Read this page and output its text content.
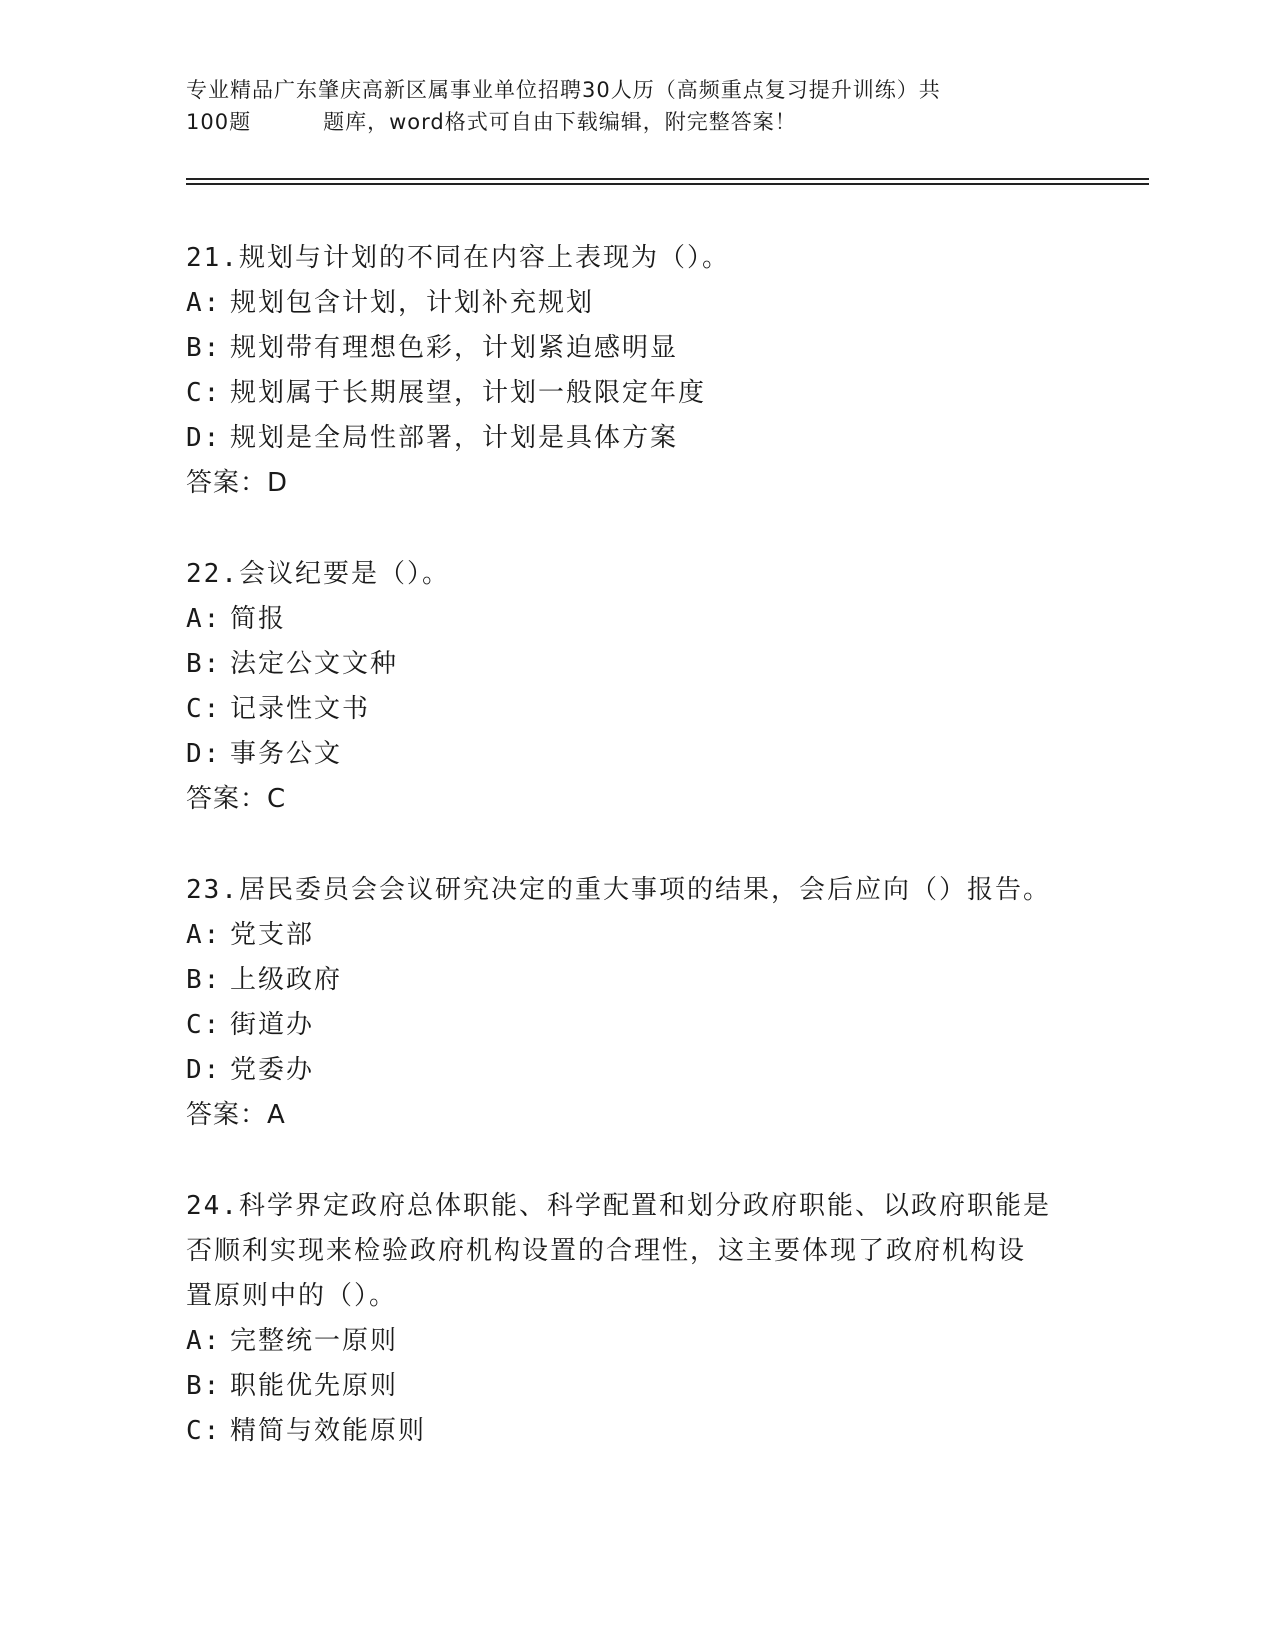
专业精品广东肇庆高新区属事业单位招聘30人历（高频重点复习提升训练）共
100题	题库，word格式可自由下载编辑，附完整答案！
21.规划与计划的不同在内容上表现为（）。
A: 规划包含计划，计划补充规划
B: 规划带有理想色彩，计划紧迫感明显
C: 规划属于长期展望，计划一般限定年度
D: 规划是全局性部署，计划是具体方案
答案：D
22.会议纪要是（）。
A: 简报
B: 法定公文文种
C: 记录性文书
D: 事务公文
答案：C
23.居民委员会会议研究决定的重大事项的结果，会后应向（）报告。
A: 党支部
B: 上级政府
C: 街道办
D: 党委办
答案：A
24.科学界定政府总体职能、科学配置和划分政府职能、以政府职能是
否顺利实现来检验政府机构设置的合理性，这主要体现了政府机构设
置原则中的（）。
A: 完整统一原则
B: 职能优先原则
C: 精简与效能原则
